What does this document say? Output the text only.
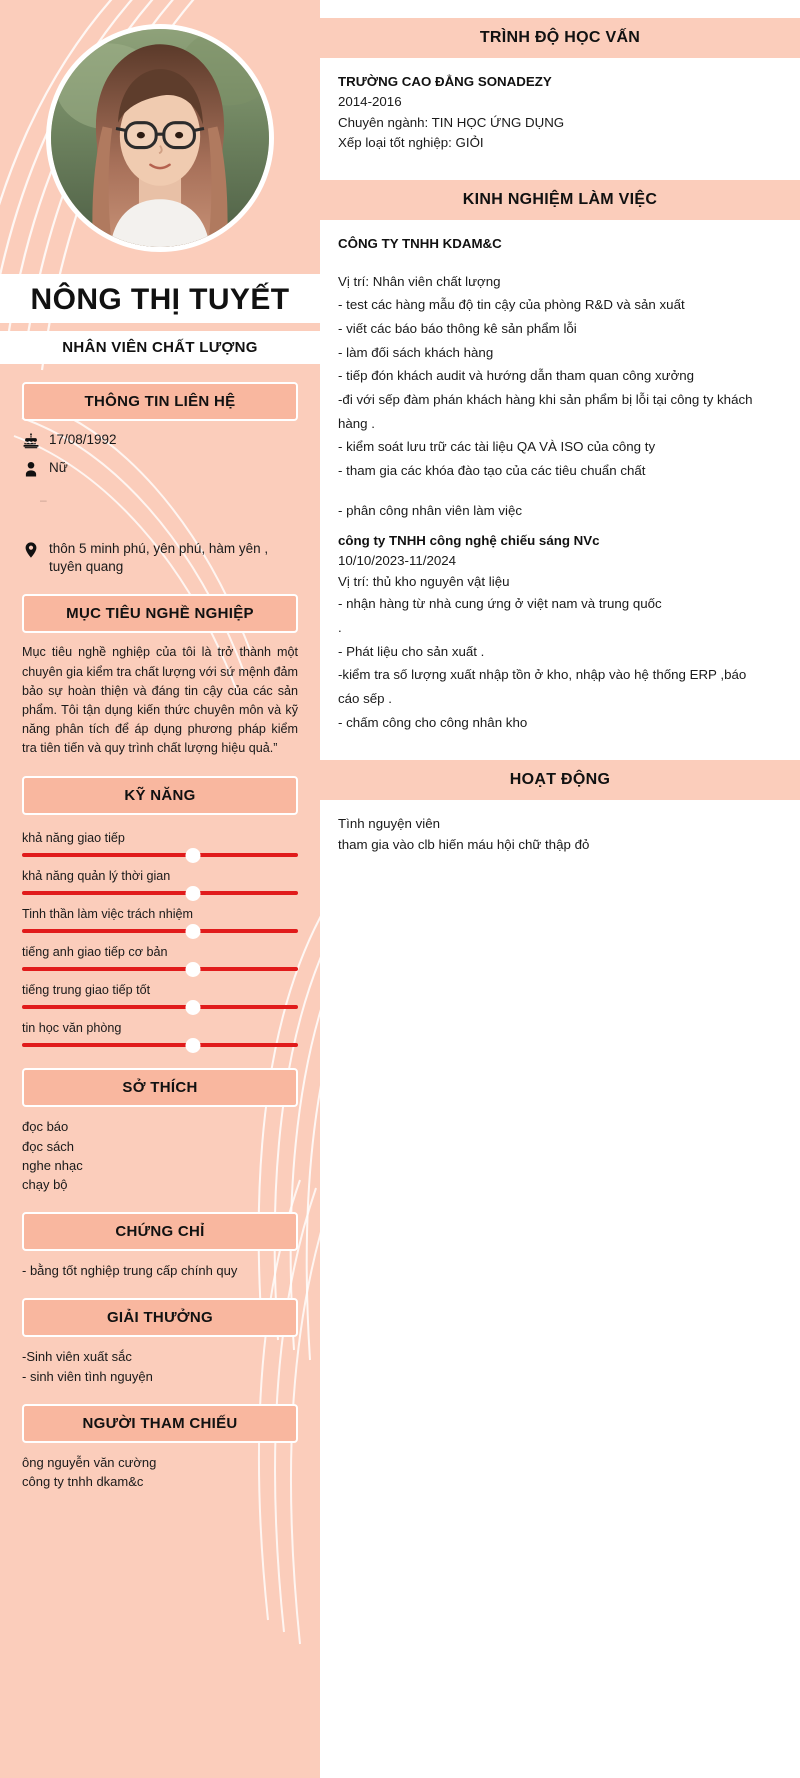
NÔNG THỊ TUYẾT
NHÂN VIÊN CHẤT LƯỢNG
THÔNG TIN LIÊN HỆ
17/08/1992
Nữ
–
thôn 5 minh phú, yên phú, hàm yên , tuyên quang
MỤC TIÊU NGHỀ NGHIỆP
Mục tiêu nghề nghiệp của tôi là trở thành một chuyên gia kiểm tra chất lượng với sứ mệnh đảm bảo sự hoàn thiện và đáng tin cậy của các sản phẩm. Tôi tận dụng kiến thức chuyên môn và kỹ năng phân tích để áp dụng phương pháp kiểm tra tiên tiến và quy trình chất lượng hiệu quả.”
KỸ NĂNG
khả năng giao tiếp
khả năng quản lý thời gian
Tinh thần làm việc trách nhiệm
tiếng anh giao tiếp cơ bản
tiếng trung giao tiếp tốt
tin học văn phòng
SỞ THÍCH
đọc báo
đọc sách
nghe nhạc
chạy bộ
CHỨNG CHỈ
- bằng tốt nghiệp trung cấp chính quy
GIẢI THƯỞNG
-Sinh viên xuất sắc
- sinh viên tình nguyện
NGƯỜI THAM CHIẾU
ông nguyễn văn cường
công ty tnhh dkam&c
TRÌNH ĐỘ HỌC VẤN
TRƯỜNG CAO ĐẲNG SONADEZY
2014-2016
Chuyên ngành: TIN HỌC ỨNG DỤNG
Xếp loại tốt nghiệp: GIỎI
KINH NGHIỆM LÀM VIỆC
CÔNG TY TNHH KDAM&C
Vị trí: Nhân viên chất lượng
- test các hàng mẫu độ tin cậy của phòng R&D và sản xuất
- viết các báo báo thông kê sản phẩm lỗi
- làm đối sách khách hàng
- tiếp đón khách audit và hướng dẫn tham quan công xưởng
-đi với sếp đàm phán khách hàng khi sản phẩm bị lỗi tại công ty khách hàng .
- kiểm soát lưu trữ các tài liệu QA VÀ ISO của công ty
- tham gia các khóa đào tạo của các tiêu chuẩn chất
- phân công nhân viên làm việc
công ty TNHH công nghệ chiếu sáng NVc
10/10/2023-11/2024
Vị trí: thủ kho nguyên vật liệu
- nhận hàng từ nhà cung ứng ở việt nam và trung quốc
.
- Phát liệu cho sản xuất .
-kiểm tra số lượng xuất nhập tồn ở kho, nhập vào hệ thống ERP ,báo
cáo sếp .
- chấm công cho công nhân kho
HOẠT ĐỘNG
Tình nguyện viên
tham gia vào clb hiến máu hội chữ thập đỏ
